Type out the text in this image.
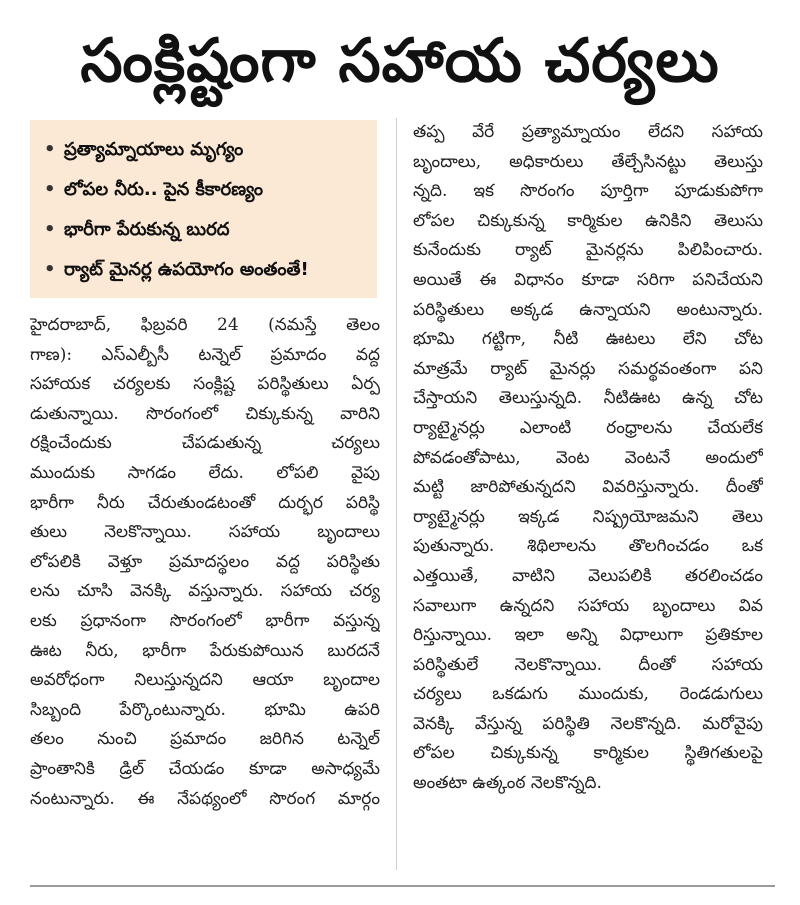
సంక్లిష్టంగా సహాయ చర్యలు
• ప్రత్యామ్నాయాలు మృగ్యం
• లోపల నీరు.. పైన కీకారణ్యం
• భారీగా పేరుకున్న బురద
• ర్యాట్ మైనర్ల ఉపయోగం అంతంతే!

హైదరాబాద్, ఫిబ్రవరి 24 (నమస్తే తెలం
గాణ): ఎస్ఎల్బీసీ టన్నెల్ ప్రమాదం వద్ద
సహాయక చర్యలకు సంక్లిష్ట పరిస్థితులు ఏర్ప
డుతున్నాయి. సొరంగంలో చిక్కుకున్న వారిని
రక్షించేందుకు చేపడుతున్న చర్యలు
ముందుకు సాగడం లేదు. లోపలి వైపు
భారీగా నీరు చేరుతుండటంతో దుర్భర పరిస్థి
తులు నెలకొన్నాయి. సహాయ బృందాలు
లోపలికి వెళ్తూ ప్రమాదస్థలం వద్ద పరిస్థితు
లను చూసి వెనక్కి వస్తున్నారు. సహాయ చర్య
లకు ప్రధానంగా సొరంగంలో భారీగా వస్తున్న
ఊట నీరు, భారీగా పేరుకుపోయిన బురదనే
అవరోధంగా నిలుస్తున్నదని ఆయా బృందాల
సిబ్బంది పేర్కొంటున్నారు. భూమి ఉపరి
తలం నుంచి ప్రమాదం జరిగిన టన్నెల్
ప్రాంతానికి డ్రిల్ చేయడం కూడా అసాధ్యమే
నంటున్నారు. ఈ నేపథ్యంలో సొరంగ మార్గం

తప్ప వేరే ప్రత్యామ్నాయం లేదని సహాయ
బృందాలు, అధికారులు తేల్చేసినట్టు తెలుస్తు
న్నది. ఇక సొరంగం పూర్తిగా పూడుకుపోగా
లోపల చిక్కుకున్న కార్మికుల ఉనికిని తెలుసు
కునేందుకు ర్యాట్ మైనర్లను పిలిపించారు.
అయితే ఈ విధానం కూడా సరిగా పనిచేయని
పరిస్థితులు అక్కడ ఉన్నాయని అంటున్నారు.
భూమి గట్టిగా, నీటి ఊటలు లేని చోట
మాత్రమే ర్యాట్ మైనర్లు సమర్థవంతంగా పని
చేస్తాయని తెలుస్తున్నది. నీటిఊట ఉన్న చోట
ర్యాట్మైనర్లు ఎలాంటి రంధ్రాలను చేయలేక
పోవడంతోపాటు, వెంట వెంటనే అందులో
మట్టి జారిపోతున్నదని వివరిస్తున్నారు. దీంతో
ర్యాట్మైనర్లు ఇక్కడ నిష్ప్రయోజమని తెలు
పుతున్నారు. శిథిలాలను తొలగించడం ఒక
ఎత్తయితే, వాటిని వెలుపలికి తరలించడం
సవాలుగా ఉన్నదని సహాయ బృందాలు వివ
రిస్తున్నాయి. ఇలా అన్ని విధాలుగా ప్రతికూల
పరిస్థితులే నెలకొన్నాయి. దీంతో సహాయ
చర్యలు ఒకడుగు ముందుకు, రెండడుగులు
వెనక్కి వేస్తున్న పరిస్థితి నెలకొన్నది. మరోవైపు
లోపల చిక్కుకున్న కార్మికుల స్థితిగతులపై
అంతటా ఉత్కంఠ నెలకొన్నది.
